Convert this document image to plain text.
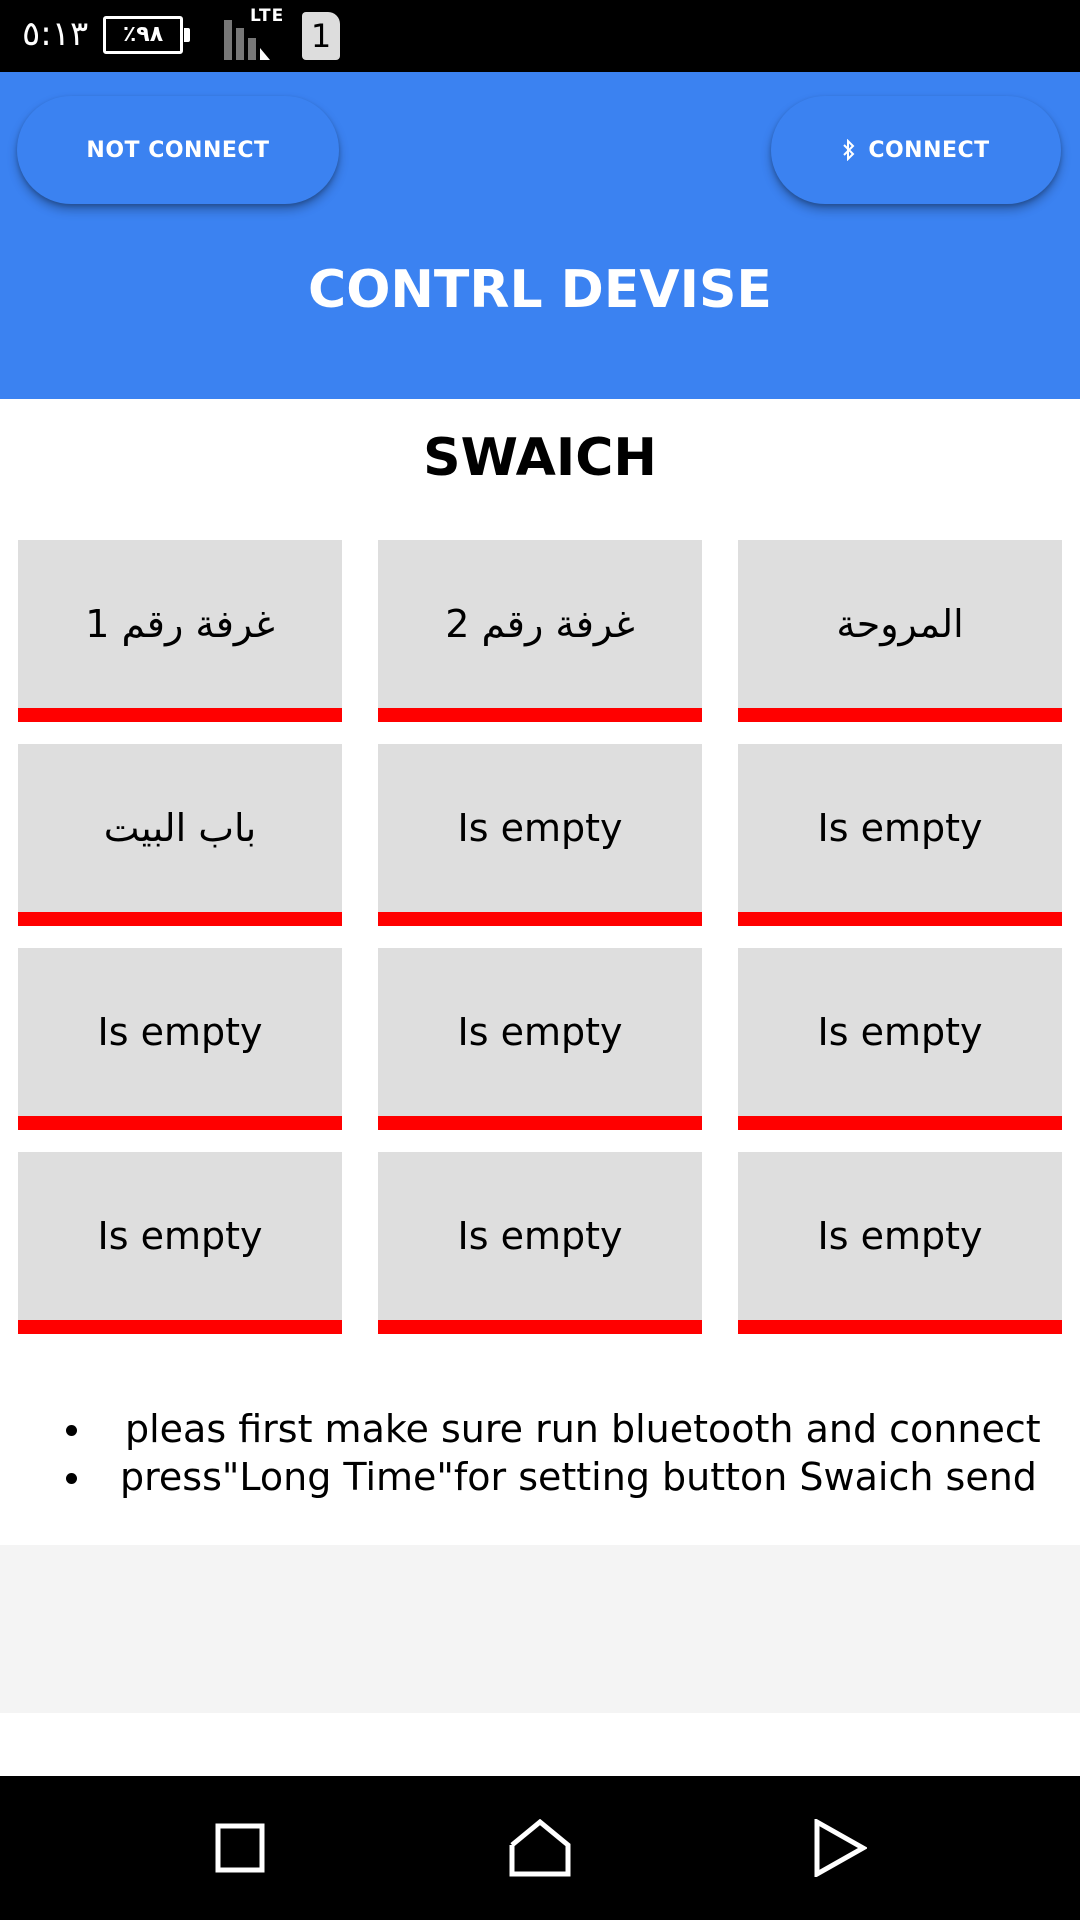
٥:١٣	٪٩٨
LTE
1
NOT CONNECT	CONNECT
CONTRL DEVISE
SWAICH
غرفة رقم 1	غرفة رقم 2	المروحة
باب البيت	Is empty	Is empty
Is empty	Is empty	Is empty
Is empty	Is empty	Is empty
pleas first make sure run bluetooth and connect
press"Long Time"for setting button Swaich send
